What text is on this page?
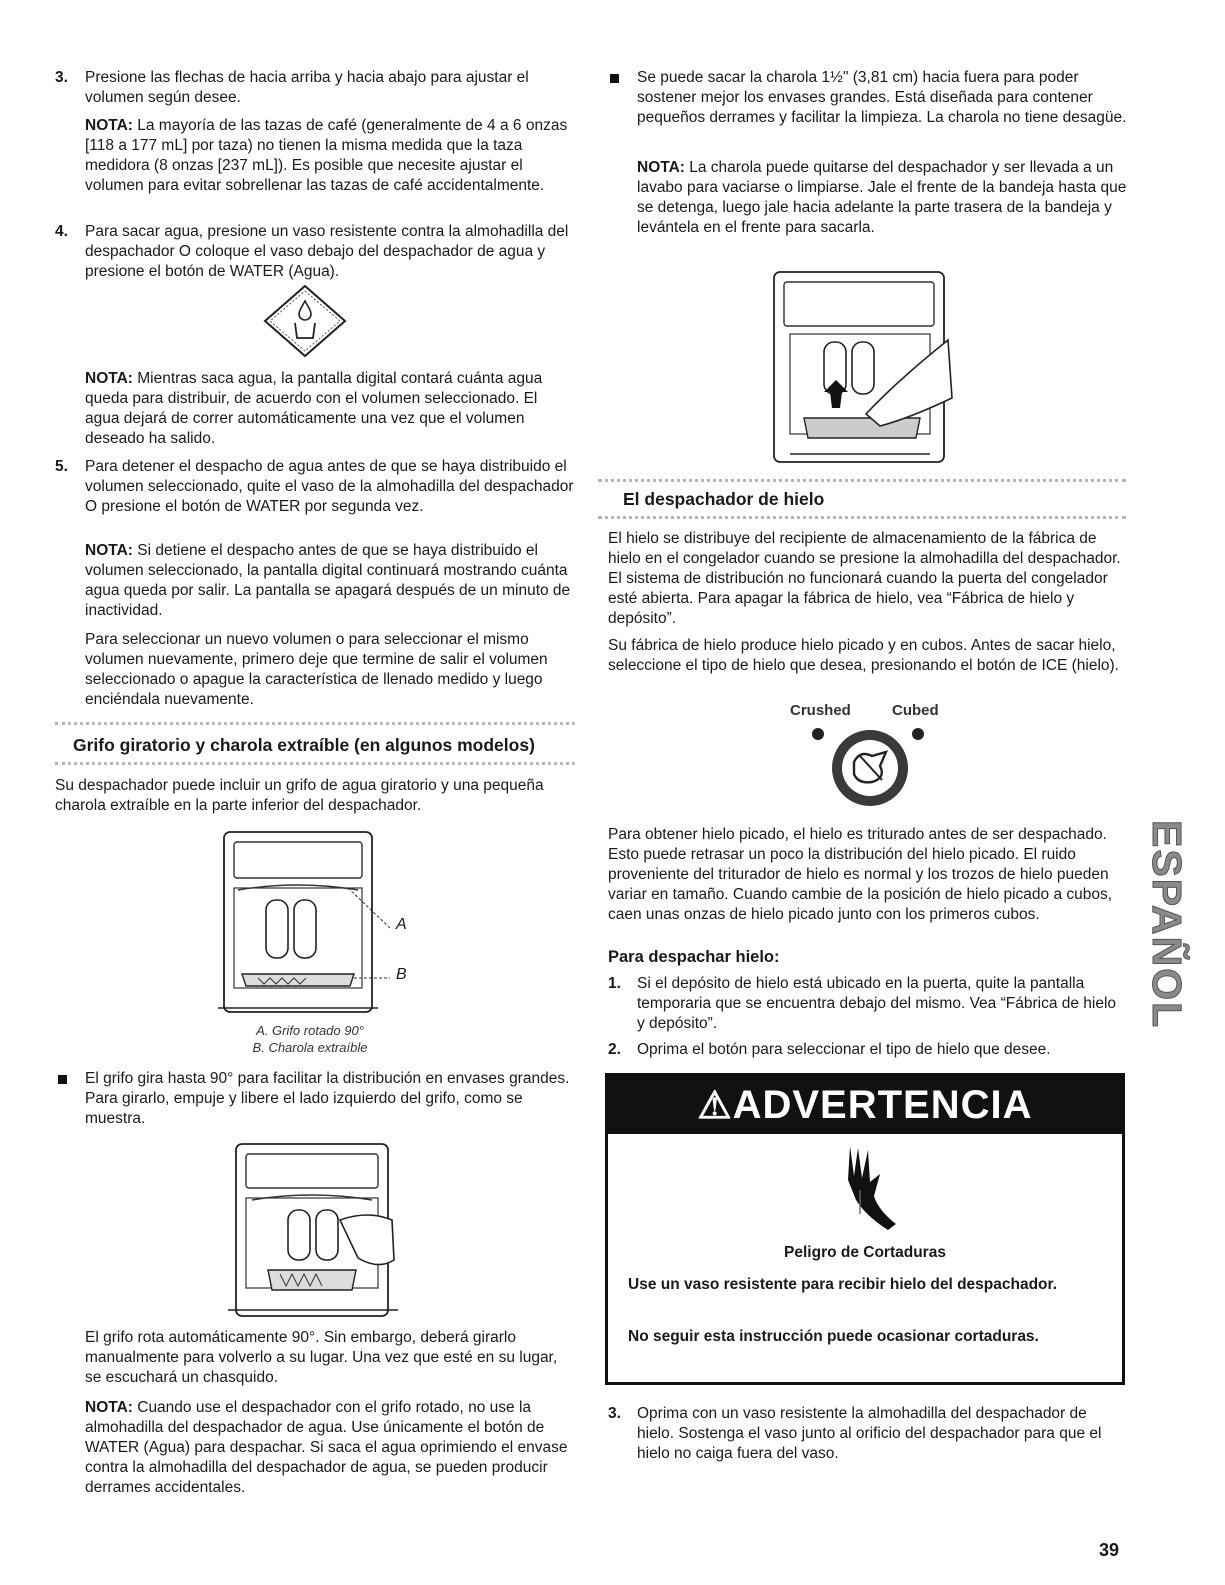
3. Presione las flechas de hacia arriba y hacia abajo para ajustar el volumen según desee.

NOTA: La mayoría de las tazas de café (generalmente de 4 a 6 onzas [118 a 177 mL] por taza) no tienen la misma medida que la taza medidora (8 onzas [237 mL]). Es posible que necesite ajustar el volumen para evitar sobrellenar las tazas de café accidentalmente.

4. Para sacar agua, presione un vaso resistente contra la almohadilla del despachador O coloque el vaso debajo del despachador de agua y presione el botón de WATER (Agua).

NOTA: Mientras saca agua, la pantalla digital contará cuánta agua queda para distribuir, de acuerdo con el volumen seleccionado. El agua dejará de correr automáticamente una vez que el volumen deseado ha salido.

5. Para detener el despacho de agua antes de que se haya distribuido el volumen seleccionado, quite el vaso de la almohadilla del despachador O presione el botón de WATER por segunda vez.

NOTA: Si detiene el despacho antes de que se haya distribuido el volumen seleccionado, la pantalla digital continuará mostrando cuánta agua queda por salir. La pantalla se apagará después de un minuto de inactividad.

Para seleccionar un nuevo volumen o para seleccionar el mismo volumen nuevamente, primero deje que termine de salir el volumen seleccionado o apague la característica de llenado medido y luego enciéndala nuevamente.

Grifo giratorio y charola extraíble (en algunos modelos)

Su despachador puede incluir un grifo de agua giratorio y una pequeña charola extraíble en la parte inferior del despachador.

A
B
A. Grifo rotado 90°
B. Charola extraíble

El grifo gira hasta 90° para facilitar la distribución en envases grandes. Para girarlo, empuje y libere el lado izquierdo del grifo, como se muestra.

El grifo rota automáticamente 90°. Sin embargo, deberá girarlo manualmente para volverlo a su lugar. Una vez que esté en su lugar, se escuchará un chasquido.

NOTA: Cuando use el despachador con el grifo rotado, no use la almohadilla del despachador de agua. Use únicamente el botón de WATER (Agua) para despachar. Si saca el agua oprimiendo el envase contra la almohadilla del despachador de agua, se pueden producir derrames accidentales.

Se puede sacar la charola 1½" (3,81 cm) hacia fuera para poder sostener mejor los envases grandes. Está diseñada para contener pequeños derrames y facilitar la limpieza. La charola no tiene desagüe.

NOTA: La charola puede quitarse del despachador y ser llevada a un lavabo para vaciarse o limpiarse. Jale el frente de la bandeja hasta que se detenga, luego jale hacia adelante la parte trasera de la bandeja y levántela en el frente para sacarla.

El despachador de hielo

El hielo se distribuye del recipiente de almacenamiento de la fábrica de hielo en el congelador cuando se presione la almohadilla del despachador. El sistema de distribución no funcionará cuando la puerta del congelador esté abierta. Para apagar la fábrica de hielo, vea “Fábrica de hielo y depósito”.

Su fábrica de hielo produce hielo picado y en cubos. Antes de sacar hielo, seleccione el tipo de hielo que desea, presionando el botón de ICE (hielo).

Crushed	Cubed

Para obtener hielo picado, el hielo es triturado antes de ser despachado. Esto puede retrasar un poco la distribución del hielo picado. El ruido proveniente del triturador de hielo es normal y los trozos de hielo pueden variar en tamaño. Cuando cambie de la posición de hielo picado a cubos, caen unas onzas de hielo picado junto con los primeros cubos.

Para despachar hielo:
1. Si el depósito de hielo está ubicado en la puerta, quite la pantalla temporaria que se encuentra debajo del mismo. Vea “Fábrica de hielo y depósito”.

2. Oprima el botón para seleccionar el tipo de hielo que desee.

⚠ADVERTENCIA
Peligro de Cortaduras
Use un vaso resistente para recibir hielo del despachador.
No seguir esta instrucción puede ocasionar cortaduras.
3. Oprima con un vaso resistente la almohadilla del despachador de hielo. Sostenga el vaso junto al orificio del despachador para que el hielo no caiga fuera del vaso.

ESPAÑOL
39
